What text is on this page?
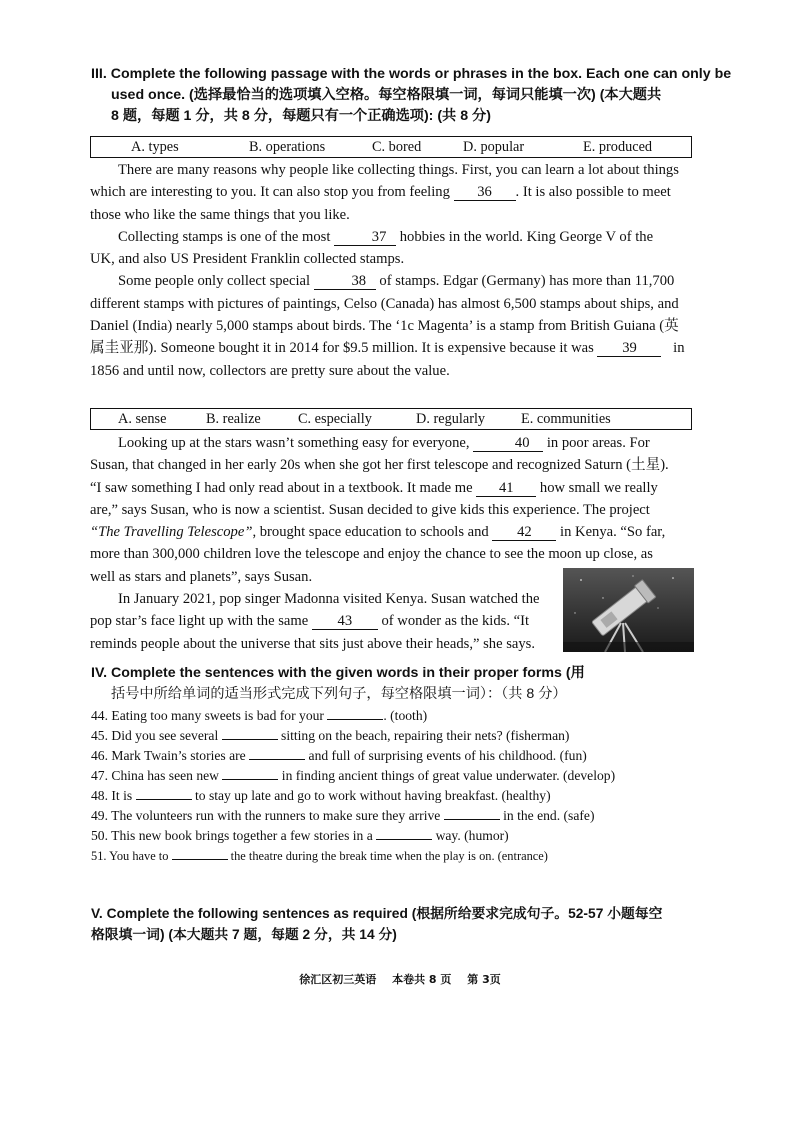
III. Complete the following passage with the words or phrases in the box. Each one can only be
used once. (选择最恰当的选项填入空格。每空格限填一词，每词只能填一次) (本大题共
8 题，每题 1 分，共 8 分，每题只有一个正确选项): (共 8 分)
A. types	B. operations	C. bored	D. popular	E. produced
There are many reasons why people like collecting things. First, you can learn a lot about things
which are interesting to you. It can also stop you from feeling 36 . It is also possible to meet
those who like the same things that you like.
Collecting stamps is one of the most	37 hobbies in the world. King George V of the
UK, and also US President Franklin collected stamps.
Some people only collect special	38 of stamps. Edgar (Germany) has more than 11,700
different stamps with pictures of paintings, Celso (Canada) has almost 6,500 stamps about ships, and
Daniel (India) nearly 5,000 stamps about birds. The ‘1c Magenta’ is a stamp from British Guiana (英
属圭亚那). Someone bought it in 2014 for $9.5 million. It is expensive because it was 39 in
1856 and until now, collectors are pretty sure about the value.
A. sense	B. realize	C. especially	D. regularly	E. communities
Looking up at the stars wasn’t something easy for everyone,	40 in poor areas. For
Susan, that changed in her early 20s when she got her first telescope and recognized Saturn (土星).
“I saw something I had only read about in a textbook. It made me 41 how small we really
are,” says Susan, who is now a scientist. Susan decided to give kids this experience. The project
“The Travelling Telescope”, brought space education to schools and 42 in Kenya. “So far,
more than 300,000 children love the telescope and enjoy the chance to see the moon up close, as
well as stars and planets”, says Susan.
In January 2021, pop singer Madonna visited Kenya. Susan watched the
pop star’s face light up with the same 43 of wonder as the kids. “It
reminds people about the universe that sits just above their heads,” she says.
IV. Complete the sentences with the given words in their proper forms (用
括号中所给单词的适当形式完成下列句子，每空格限填一词）：（共 8 分）
44. Eating too many sweets is bad for your	. (tooth)
45. Did you see several	sitting on the beach, repairing their nets? (fisherman)
46. Mark Twain’s stories are	and full of surprising events of his childhood. (fun)
47. China has seen new	in finding ancient things of great value underwater. (develop)
48. It is	to stay up late and go to work without having breakfast. (healthy)
49. The volunteers run with the runners to make sure they arrive	in the end. (safe)
50. This new book brings together a few stories in a	way. (humor)
51. You have to	the theatre during the break time when the play is on. (entrance)
V. Complete the following sentences as required (根据所给要求完成句子。52-57 小题每空
格限填一词) (本大题共 7 题，每题 2 分，共 14 分)
徐汇区初三英语 本卷共 8 页 第 3页
